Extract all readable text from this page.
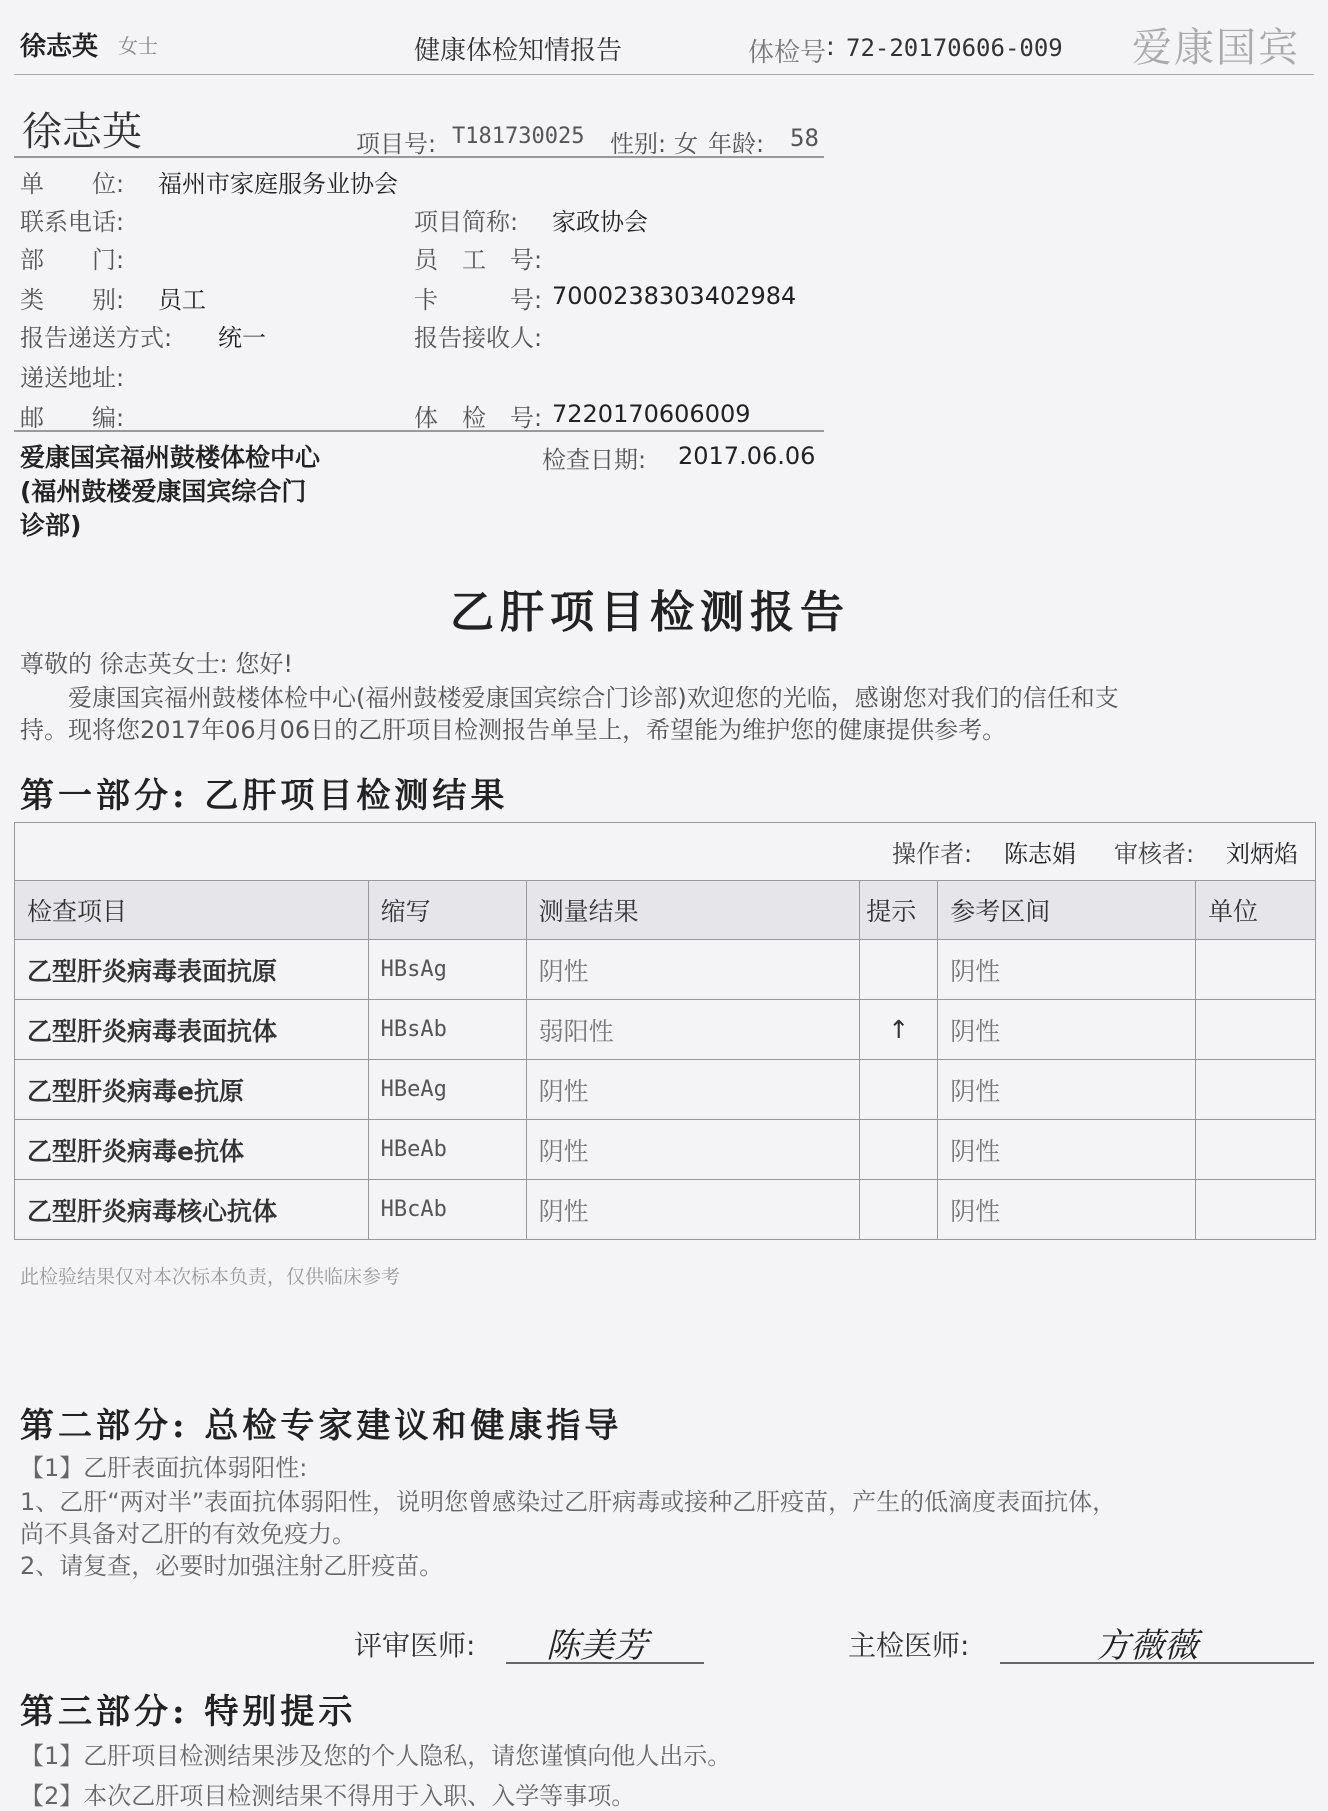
徐志英 女士	健康体检知情报告	体检号 : 72-20170606-009 爱康国宾
徐志英	项目号: T181730025 性别: 女 年龄: 58
单　　位: 福州市家庭服务业协会
联系电话:	项目简称: 家政协会
部　　门:	员　工　号:
类　　别: 员工	卡　　　号: 7000238303402984
报告递送方式: 统一	报告接收人:
递送地址:
邮　　编:	体　检　号: 7220170606009
爱康国宾福州鼓楼体检中心
(福州鼓楼爱康国宾综合门
诊部)
检查日期: 2017.06.06
乙肝项目检测报告
尊敬的 徐志英女士: 您好!
爱康国宾福州鼓楼体检中心(福州鼓楼爱康国宾综合门诊部)欢迎您的光临，感谢您对我们的信任和支
持。现将您2017年06月06日的乙肝项目检测报告单呈上，希望能为维护您的健康提供参考。
第一部分: 乙肝项目检测结果
操作者: 陈志娟 审核者: 刘炳焰
检查项目	缩写	测量结果	提示	参考区间	单位
乙型肝炎病毒表面抗原	HBsAg	阴性		阴性	
乙型肝炎病毒表面抗体	HBsAb	弱阳性	↑	阴性	
乙型肝炎病毒e抗原	HBeAg	阴性		阴性	
乙型肝炎病毒e抗体	HBeAb	阴性		阴性	
乙型肝炎病毒核心抗体	HBcAb	阴性		阴性	
此检验结果仅对本次标本负责，仅供临床参考
第二部分: 总检专家建议和健康指导
【1】乙肝表面抗体弱阳性:
1、乙肝“两对半”表面抗体弱阳性，说明您曾感染过乙肝病毒或接种乙肝疫苗，产生的低滴度表面抗体，
尚不具备对乙肝的有效免疫力。
2、请复查，必要时加强注射乙肝疫苗。
评审医师: 陈美芳	主检医师:	方薇薇
第三部分: 特别提示
【1】乙肝项目检测结果涉及您的个人隐私，请您谨慎向他人出示。
【2】本次乙肝项目检测结果不得用于入职、入学等事项。
